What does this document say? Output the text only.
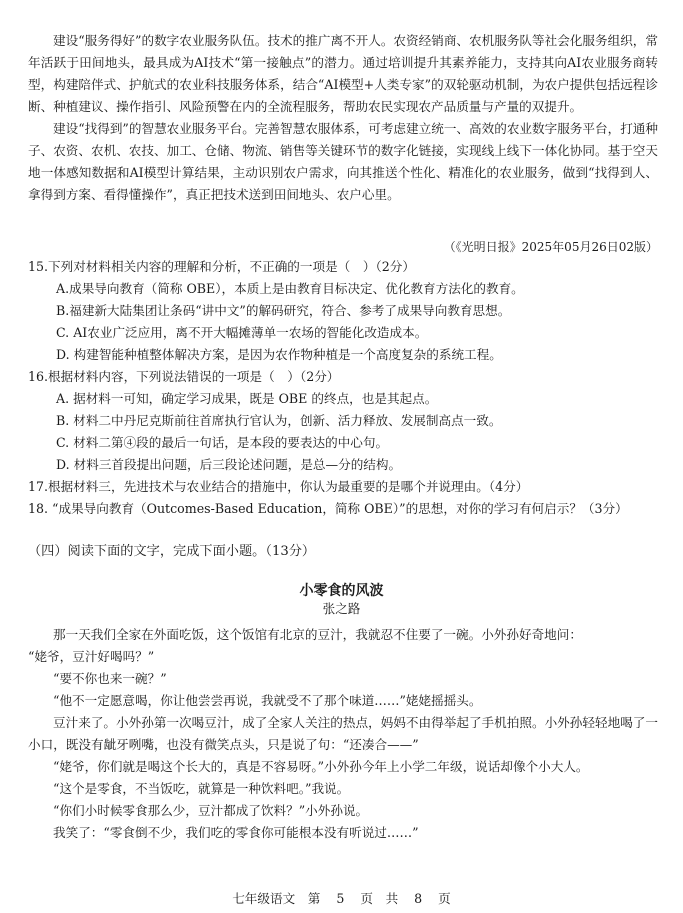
建设“服务得好”的数字农业服务队伍。技术的推广离不开人。农资经销商、农机服务队等社会化服务组织，常年活跃于田间地头，最具成为AI技术“第一接触点”的潜力。通过培训提升其素养能力，支持其向AI农业服务商转型，构建陪伴式、护航式的农业科技服务体系，结合“AI模型+人类专家”的双轮驱动机制，为农户提供包括远程诊断、种植建议、操作指引、风险预警在内的全流程服务，帮助农民实现农产品质量与产量的双提升。

建设“找得到”的智慧农业服务平台。完善智慧农服体系，可考虑建立统一、高效的农业数字服务平台，打通种子、农资、农机、农技、加工、仓储、物流、销售等关键环节的数字化链接，实现线上线下一体化协同。基于空天地一体感知数据和AI模型计算结果，主动识别农户需求，向其推送个性化、精准化的农业服务，做到“找得到人、拿得到方案、看得懂操作”，真正把技术送到田间地头、农户心里。

（《光明日报》2025年05月26日02版）

15.下列对材料相关内容的理解和分析，不正确的一项是（　）（2分）

A.成果导向教育（简称 OBE），本质上是由教育目标决定、优化教育方法化的教育。

B.福建新大陆集团让条码“讲中文”的解码研究，符合、参考了成果导向教育思想。

C. AI农业广泛应用，离不开大幅摊薄单一农场的智能化改造成本。

D. 构建智能种植整体解决方案，是因为农作物种植是一个高度复杂的系统工程。

16.根据材料内容，下列说法错误的一项是（　）（2分）

A. 据材料一可知，确定学习成果，既是 OBE 的终点，也是其起点。

B. 材料二中丹尼克斯前往首席执行官认为，创新、活力释放、发展制高点一致。

C. 材料二第④段的最后一句话，是本段的要表达的中心句。

D. 材料三首段提出问题，后三段论述问题，是总—分的结构。

17.根据材料三，先进技术与农业结合的措施中，你认为最重要的是哪个并说理由。（4分）

18. “成果导向教育（Outcomes-Based Education，简称 OBE）”的思想，对你的学习有何启示？（3分）

（四）阅读下面的文字，完成下面小题。（13分）
小零食的风波
张之路

那一天我们全家在外面吃饭，这个饭馆有北京的豆汁，我就忍不住要了一碗。小外孙好奇地问：

“姥爷，豆汁好喝吗？”

“要不你也来一碗？”

“他不一定愿意喝，你让他尝尝再说，我就受不了那个味道……”姥姥摇摇头。

豆汁来了。小外孙第一次喝豆汁，成了全家人关注的热点，妈妈不由得举起了手机拍照。小外孙轻轻地喝了一小口，既没有龇牙咧嘴，也没有微笑点头，只是说了句：“还凑合——”

“姥爷，你们就是喝这个长大的，真是不容易呀。”小外孙今年上小学二年级，说话却像个小大人。

“这个是零食，不当饭吃，就算是一种饮料吧。”我说。

“你们小时候零食那么少，豆汁都成了饮料？”小外孙说。

我笑了：“零食倒不少，我们吃的零食你可能根本没有听说过……”

七年级语文　第 5 页　共 8 页
